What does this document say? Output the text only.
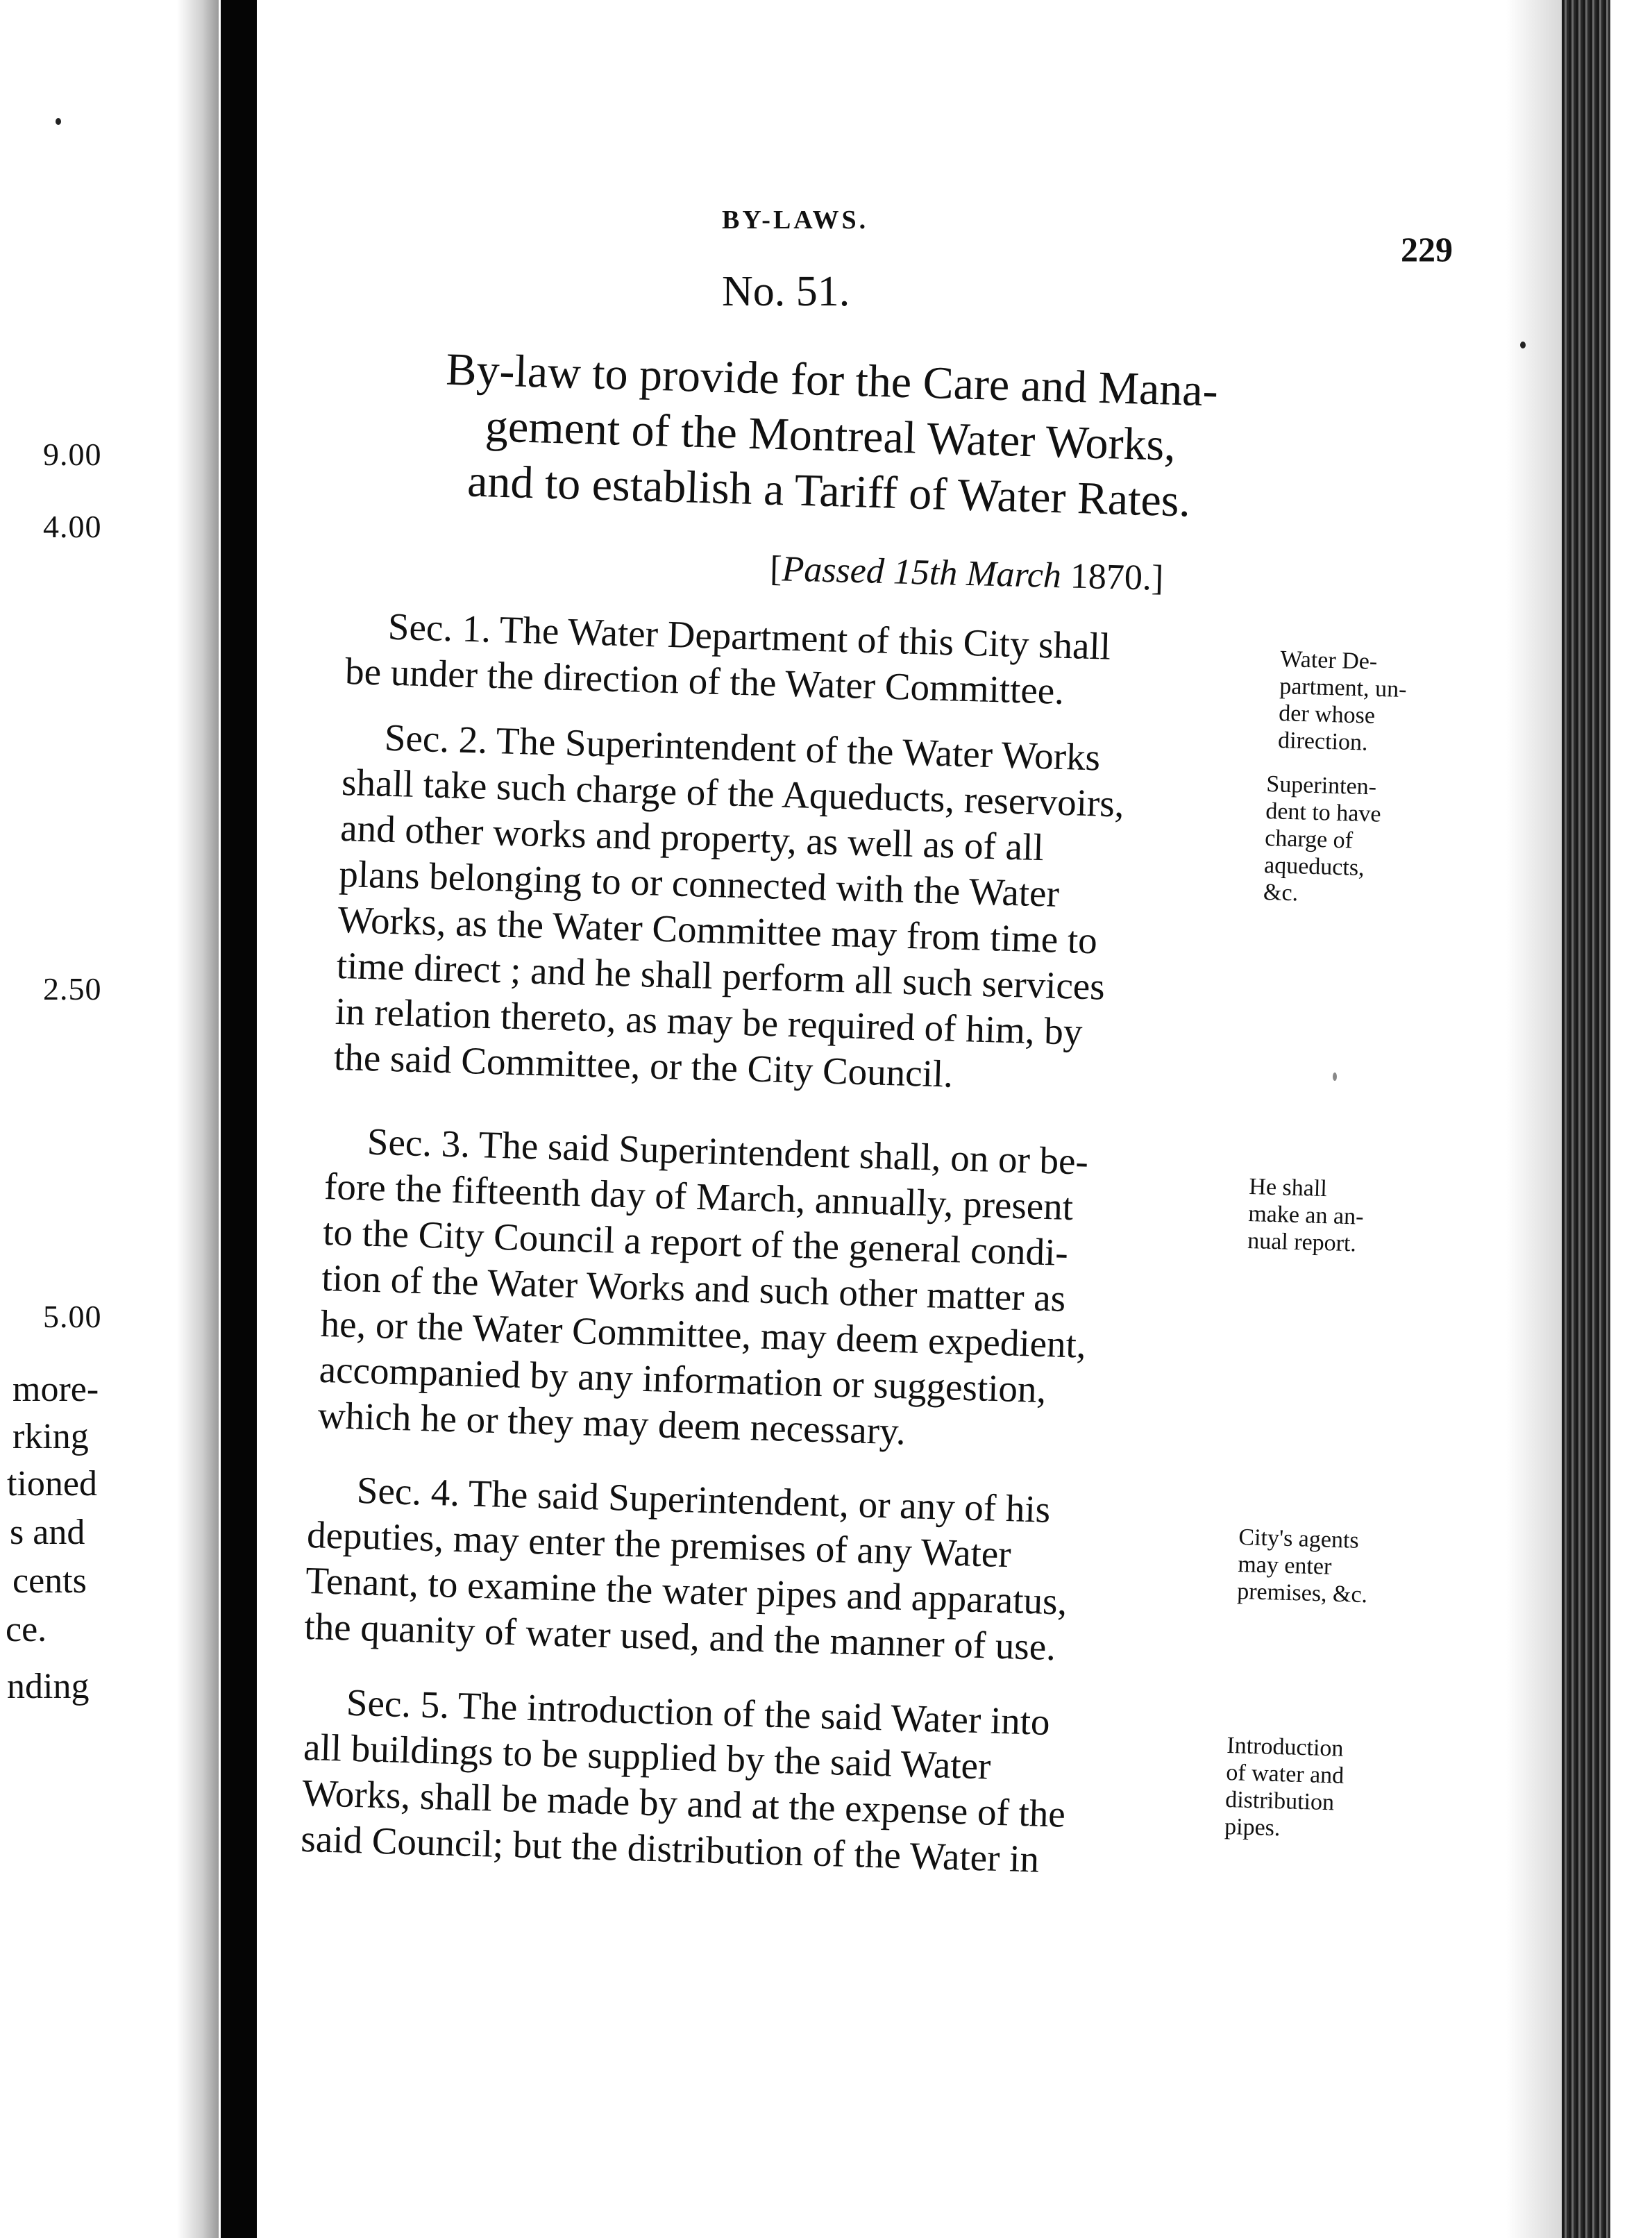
9.00
4.00
2.50
5.00
more-
rking
tioned
s and
cents
ce.
nding
BY-LAWS.
229
No. 51.
By-law to provide for the Care and Mana-
gement of the Montreal Water Works,
and to establish a Tariff of Water Rates.
[Passed 15th March 1870.]
Sec. 1. The Water Department of this City shall
be under the direction of the Water Committee.	Water De-
partment, un-
der whose
direction.
Sec. 2. The Superintendent of the Water Works
shall take such charge of the Aqueducts, reservoirs,
and other works and property, as well as of all
plans belonging to or connected with the Water
Works, as the Water Committee may from time to
time direct ; and he shall perform all such services
in relation thereto, as may be required of him, by
the said Committee, or the City Council.
Superinten-
dent to have
charge of
aqueducts,
&c.
Sec. 3. The said Superintendent shall, on or be-
fore the fifteenth day of March, annually, present
to the City Council a report of the general condi-
tion of the Water Works and such other matter as
he, or the Water Committee, may deem expedient,
accompanied by any information or suggestion,
which he or they may deem necessary.
He shall
make an an-
nual report.
Sec. 4. The said Superintendent, or any of his
deputies, may enter the premises of any Water
Tenant, to examine the water pipes and apparatus,
the quanity of water used, and the manner of use.
City's agents
may enter
premises, &c.
Sec. 5. The introduction of the said Water into
all buildings to be supplied by the said Water
Works, shall be made by and at the expense of the
said Council; but the distribution of the Water in
Introduction
of water and
distribution
pipes.
